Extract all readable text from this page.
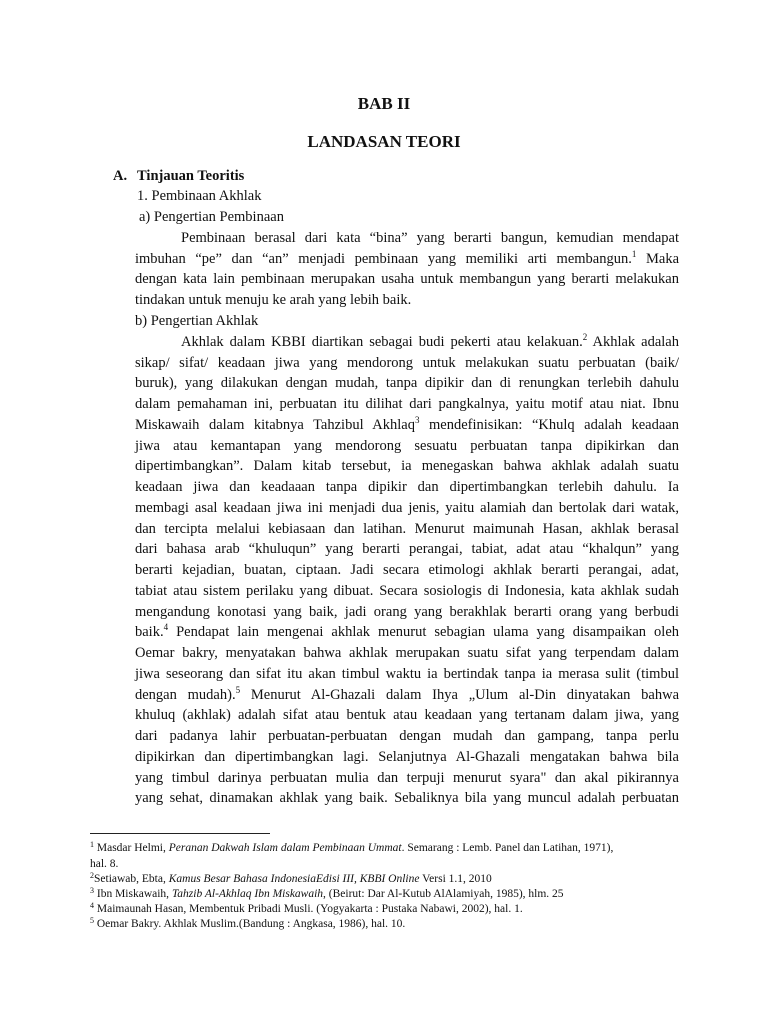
BAB II
LANDASAN TEORI
A. Tinjauan Teoritis
1. Pembinaan Akhlak
a) Pengertian Pembinaan
Pembinaan berasal dari kata “bina” yang berarti bangun, kemudian mendapat
imbuhan “pe” dan “an” menjadi pembinaan yang memiliki arti membangun.$^1$ Maka
dengan kata lain pembinaan merupakan usaha untuk membangun yang berarti melakukan
tindakan untuk menuju ke arah yang lebih baik.
b) Pengertian Akhlak
Akhlak dalam KBBI diartikan sebagai budi pekerti atau kelakuan.$^2$ Akhlak adalah
sikap/ sifat/ keadaan jiwa yang mendorong untuk melakukan suatu perbuatan (baik/
buruk), yang dilakukan dengan mudah, tanpa dipikir dan di renungkan terlebih dahulu
dalam pemahaman ini, perbuatan itu dilihat dari pangkalnya, yaitu motif atau niat. Ibnu
Miskawaih dalam kitabnya Tahzibul Akhlaq$^3$ mendefinisikan: “Khulq adalah keadaan
jiwa atau kemantapan yang mendorong sesuatu perbuatan tanpa dipikirkan dan
dipertimbangkan”. Dalam kitab tersebut, ia menegaskan bahwa akhlak adalah suatu
keadaan jiwa dan keadaaan tanpa dipikir dan dipertimbangkan terlebih dahulu. Ia
membagi asal keadaan jiwa ini menjadi dua jenis, yaitu alamiah dan bertolak dari watak,
dan tercipta melalui kebiasaan dan latihan. Menurut maimunah Hasan, akhlak berasal
dari bahasa arab “khuluqun” yang berarti perangai, tabiat, adat atau “khalqun” yang
berarti kejadian, buatan, ciptaan. Jadi secara etimologi akhlak berarti perangai, adat,
tabiat atau sistem perilaku yang dibuat. Secara sosiologis di Indonesia, kata akhlak sudah
mengandung konotasi yang baik, jadi orang yang berakhlak berarti orang yang berbudi
baik.$^4$ Pendapat lain mengenai akhlak menurut sebagian ulama yang disampaikan oleh
Oemar bakry, menyatakan bahwa akhlak merupakan suatu sifat yang terpendam dalam
jiwa seseorang dan sifat itu akan timbul waktu ia bertindak tanpa ia merasa sulit (timbul
dengan mudah).$^5$ Menurut Al-Ghazali dalam Ihya „Ulum al-Din dinyatakan bahwa
khuluq (akhlak) adalah sifat atau bentuk atau keadaan yang tertanam dalam jiwa, yang
dari padanya lahir perbuatan-perbuatan dengan mudah dan gampang, tanpa perlu
dipikirkan dan dipertimbangkan lagi. Selanjutnya Al-Ghazali mengatakan bahwa bila
yang timbul darinya perbuatan mulia dan terpuji menurut syara" dan akal pikirannya
yang sehat, dinamakan akhlak yang baik. Sebaliknya bila yang muncul adalah perbuatan
$^1$ Masdar Helmi, Peranan Dakwah Islam dalam Pembinaan Ummat. Semarang : Lemb. Panel dan Latihan, 1971),
hal. 8.
$^2$Setiawab, Ebta, Kamus Besar Bahasa IndonesiaEdisi III, KBBI Online Versi 1.1, 2010
$^3$ Ibn Miskawaih, Tahzib Al-Akhlaq Ibn Miskawaih, (Beirut: Dar Al-Kutub AlAlamiyah, 1985), hlm. 25
$^4$ Maimaunah Hasan, Membentuk Pribadi Musli. (Yogyakarta : Pustaka Nabawi, 2002), hal. 1.
$^5$ Oemar Bakry. Akhlak Muslim.(Bandung : Angkasa, 1986), hal. 10.
